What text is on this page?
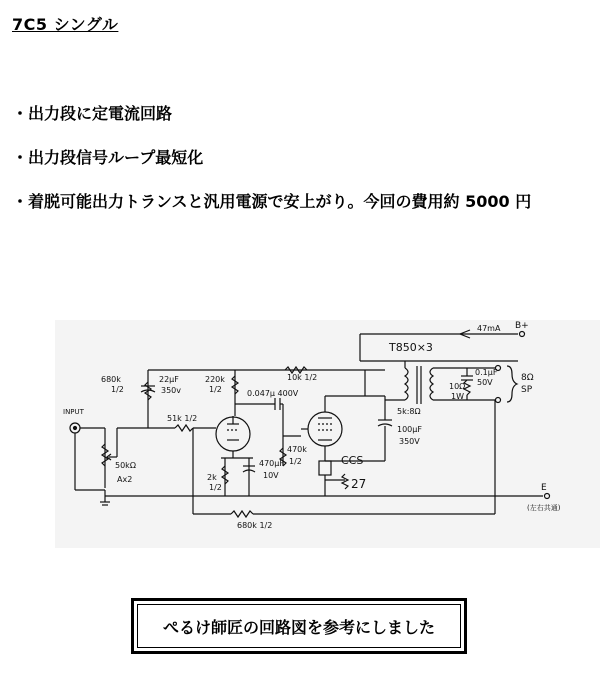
7C5 シングル
・出力段に定電流回路
・出力段信号ループ最短化
・着脱可能出力トランスと汎用電源で安上がり。今回の費用約 5000 円
47mA B+
10k 1/2
680k
1/2
22μF
350v
220k
1/2	0.047μ 400V
INPUT
50kΩ
Ax2
51k 1/2
2k
1/2
470μF
10V
470k
1/2
E
(左右共通)
CCS
27
100μF
350V
T850×3
5k:8Ω
0.1μF
50V
10Ω
1W
8Ω
SP
680k 1/2
ぺるけ師匠の回路図を参考にしました
